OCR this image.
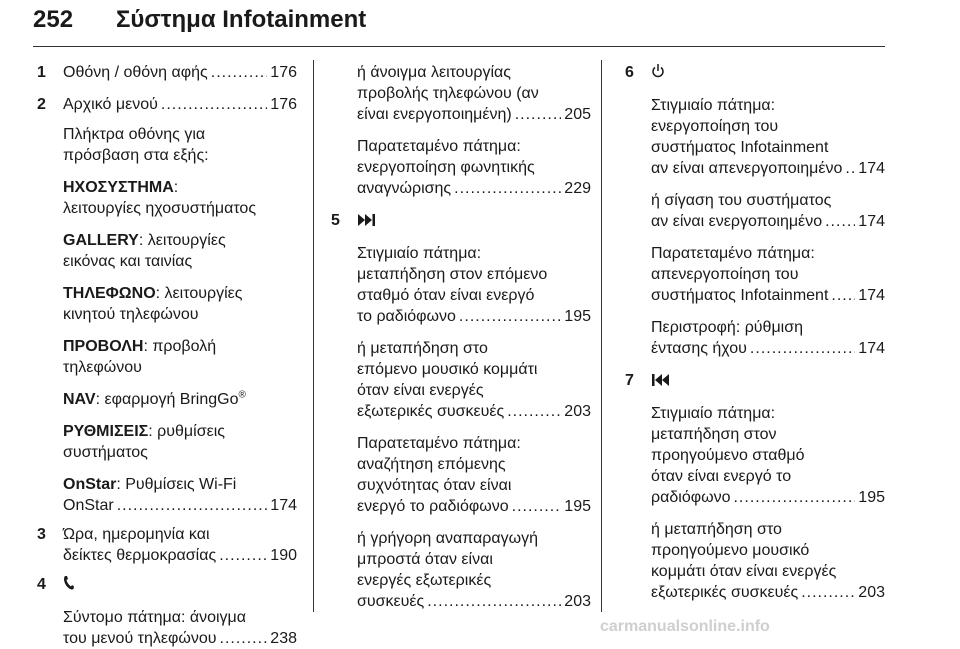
252 Σύστημα Infotainment
1 Οθόνη / οθόνη αφής .....	176
2 Αρχικό μενού .....	176
Πλήκτρα οθόνης για
πρόσβαση στα εξής:
ΗΧΟΣΥΣΤΗΜΑ:
λειτουργίες ηχοσυστήματος
GALLERY: λειτουργίες
εικόνας και ταινίας
ΤΗΛΕΦΩΝΟ: λειτουργίες
κινητού τηλεφώνου
ΠΡΟΒΟΛΗ: προβολή
τηλεφώνου
NAV: εφαρμογή BringGo®
ΡΥΘΜΙΣΕΙΣ: ρυθμίσεις
συστήματος
OnStar: Ρυθμίσεις Wi-Fi
OnStar .....	174
3 Ώρα, ημερομηνία και
δείκτες θερμοκρασίας .....	190
4
Σύντομο πάτημα: άνοιγμα
του μενού τηλεφώνου .....	238
ή άνοιγμα λειτουργίας
προβολής τηλεφώνου (αν
είναι ενεργοποιημένη) .....	205
Παρατεταμένο πάτημα:
ενεργοποίηση φωνητικής
αναγνώρισης .....	229
5
Στιγμιαίο πάτημα:
μεταπήδηση στον επόμενο
σταθμό όταν είναι ενεργό
το ραδιόφωνο .....	195
ή μεταπήδηση στο
επόμενο μουσικό κομμάτι
όταν είναι ενεργές
εξωτερικές συσκευές .....	203
Παρατεταμένο πάτημα:
αναζήτηση επόμενης
συχνότητας όταν είναι
ενεργό το ραδιόφωνο .....	195
ή γρήγορη αναπαραγωγή
μπροστά όταν είναι
ενεργές εξωτερικές
συσκευές .....	203
6
Στιγμιαίο πάτημα:
ενεργοποίηση του
συστήματος Infotainment
αν είναι απενεργοποιημένο ..... 174
ή σίγαση του συστήματος
αν είναι ενεργοποιημένο ..... 174
Παρατεταμένο πάτημα:
απενεργοποίηση του
συστήματος Infotainment ..... 174
Περιστροφή: ρύθμιση
έντασης ήχου .....	174
7
Στιγμιαίο πάτημα:
μεταπήδηση στον
προηγούμενο σταθμό
όταν είναι ενεργό το
ραδιόφωνο .....	195
ή μεταπήδηση στο
προηγούμενο μουσικό
κομμάτι όταν είναι ενεργές
εξωτερικές συσκευές .....	203
carmanualsonline.info
